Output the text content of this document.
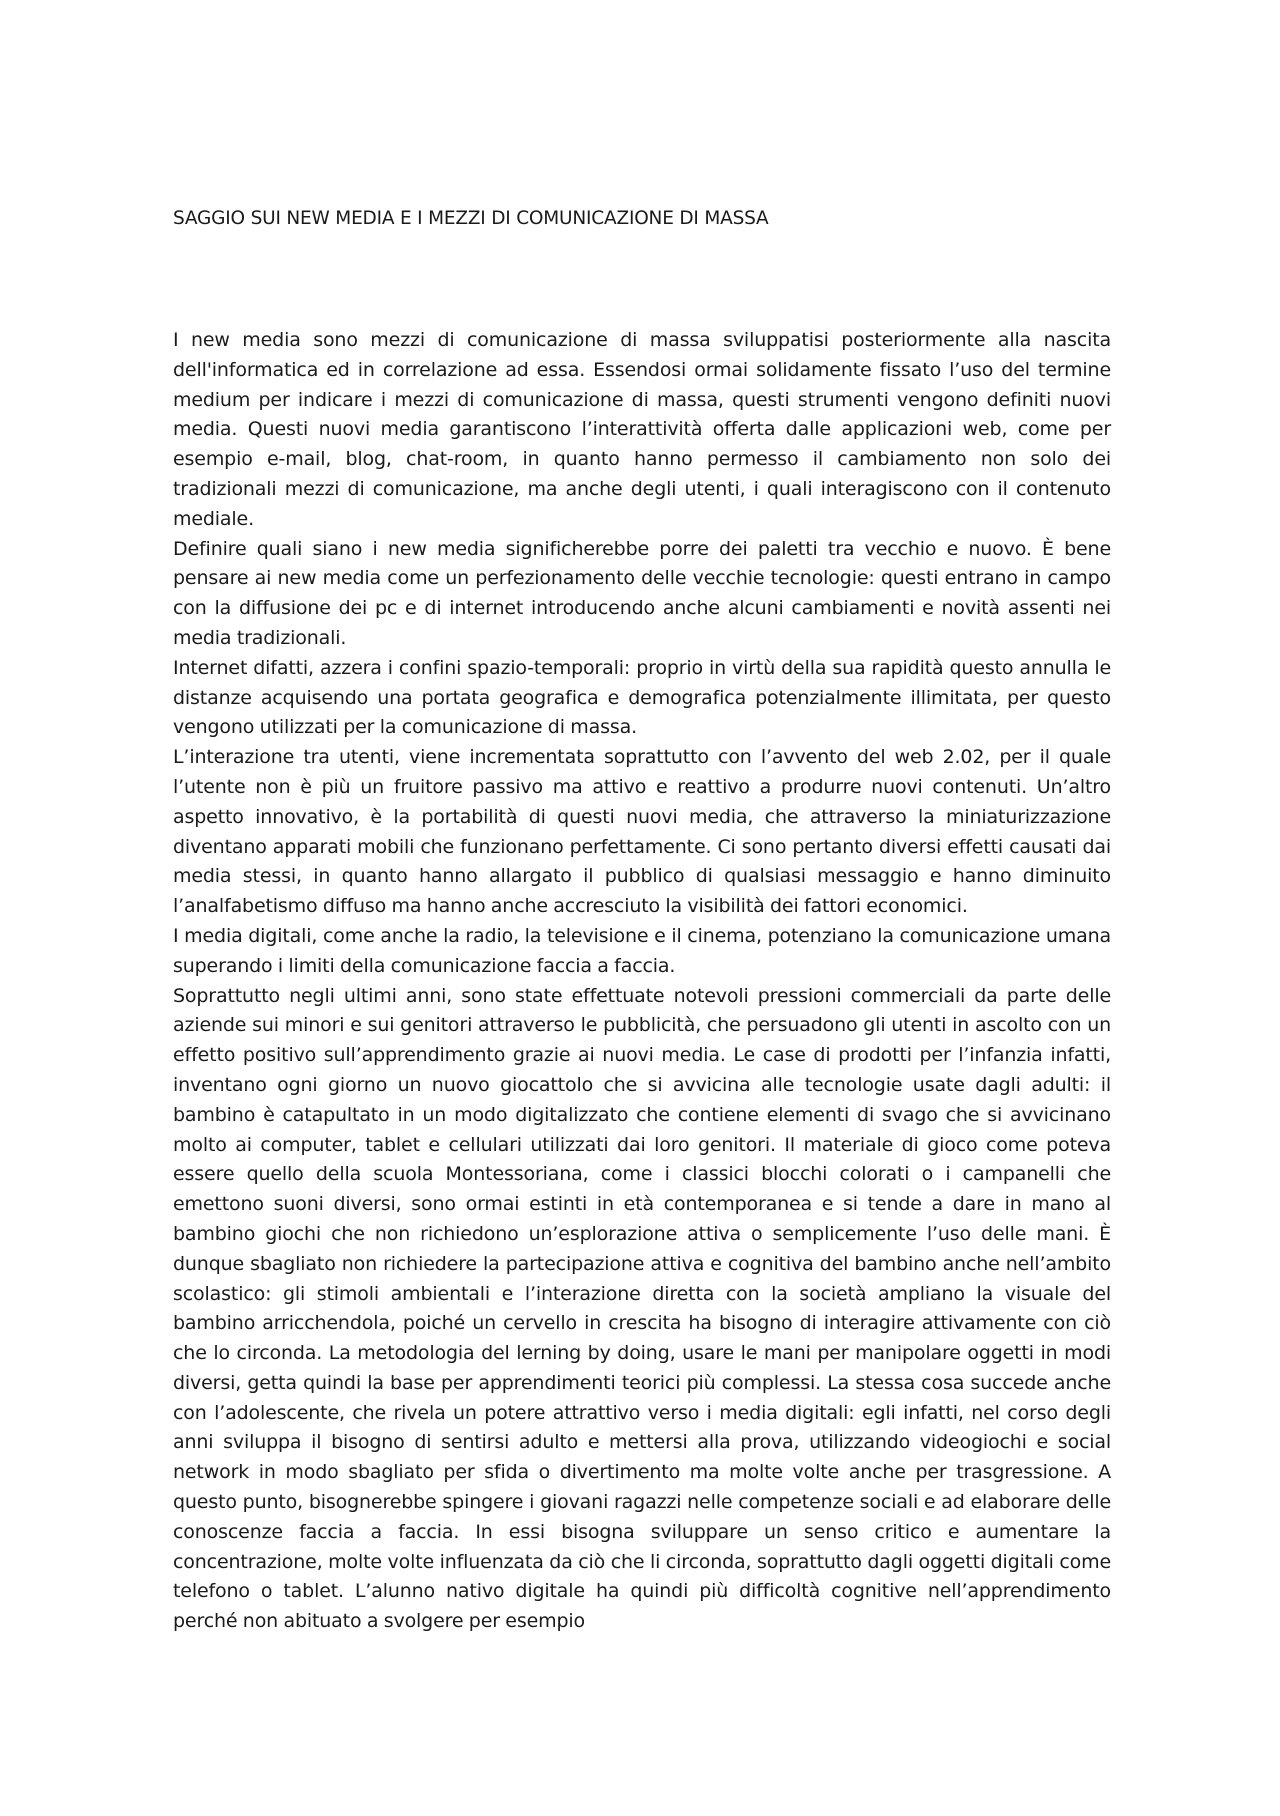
SAGGIO SUI NEW MEDIA E I MEZZI DI COMUNICAZIONE DI MASSA

I new media sono mezzi di comunicazione di massa sviluppatisi posteriormente alla nascita dell'informatica ed in correlazione ad essa. Essendosi ormai solidamente fissato l’uso del termine medium per indicare i mezzi di comunicazione di massa, questi strumenti vengono definiti nuovi media. Questi nuovi media garantiscono l’interattività offerta dalle applicazioni web, come per esempio e-mail, blog, chat-room, in quanto hanno permesso il cambiamento non solo dei tradizionali mezzi di comunicazione, ma anche degli utenti, i quali interagiscono con il contenuto mediale.

Definire quali siano i new media significherebbe porre dei paletti tra vecchio e nuovo. È bene pensare ai new media come un perfezionamento delle vecchie tecnologie: questi entrano in campo con la diffusione dei pc e di internet introducendo anche alcuni cambiamenti e novità assenti nei media tradizionali.

Internet difatti, azzera i confini spazio-temporali: proprio in virtù della sua rapidità questo annulla le distanze acquisendo una portata geografica e demografica potenzialmente illimitata, per questo vengono utilizzati per la comunicazione di massa.

L’interazione tra utenti, viene incrementata soprattutto con l’avvento del web 2.02, per il quale l’utente non è più un fruitore passivo ma attivo e reattivo a produrre nuovi contenuti. Un’altro aspetto innovativo, è la portabilità di questi nuovi media, che attraverso la miniaturizzazione diventano apparati mobili che funzionano perfettamente. Ci sono pertanto diversi effetti causati dai media stessi, in quanto hanno allargato il pubblico di qualsiasi messaggio e hanno diminuito l’analfabetismo diffuso ma hanno anche accresciuto la visibilità dei fattori economici.

I media digitali, come anche la radio, la televisione e il cinema, potenziano la comunicazione umana superando i limiti della comunicazione faccia a faccia.

Soprattutto negli ultimi anni, sono state effettuate notevoli pressioni commerciali da parte delle aziende sui minori e sui genitori attraverso le pubblicità, che persuadono gli utenti in ascolto con un effetto positivo sull’apprendimento grazie ai nuovi media. Le case di prodotti per l’infanzia infatti, inventano ogni giorno un nuovo giocattolo che si avvicina alle tecnologie usate dagli adulti: il bambino è catapultato in un modo digitalizzato che contiene elementi di svago che si avvicinano molto ai computer, tablet e cellulari utilizzati dai loro genitori. Il materiale di gioco come poteva essere quello della scuola Montessoriana, come i classici blocchi colorati o i campanelli che emettono suoni diversi, sono ormai estinti in età contemporanea e si tende a dare in mano al bambino giochi che non richiedono un’esplorazione attiva o semplicemente l’uso delle mani. È dunque sbagliato non richiedere la partecipazione attiva e cognitiva del bambino anche nell’ambito scolastico: gli stimoli ambientali e l’interazione diretta con la società ampliano la visuale del bambino arricchendola, poiché un cervello in crescita ha bisogno di interagire attivamente con ciò che lo circonda. La metodologia del lerning by doing, usare le mani per manipolare oggetti in modi diversi, getta quindi la base per apprendimenti teorici più complessi. La stessa cosa succede anche con l’adolescente, che rivela un potere attrattivo verso i media digitali: egli infatti, nel corso degli anni sviluppa il bisogno di sentirsi adulto e mettersi alla prova, utilizzando videogiochi e social network in modo sbagliato per sfida o divertimento ma molte volte anche per trasgressione. A questo punto, bisognerebbe spingere i giovani ragazzi nelle competenze sociali e ad elaborare delle conoscenze faccia a faccia. In essi bisogna sviluppare un senso critico e aumentare la concentrazione, molte volte influenzata da ciò che li circonda, soprattutto dagli oggetti digitali come telefono o tablet. L’alunno nativo digitale ha quindi più difficoltà cognitive nell’apprendimento perché non abituato a svolgere per esempio
